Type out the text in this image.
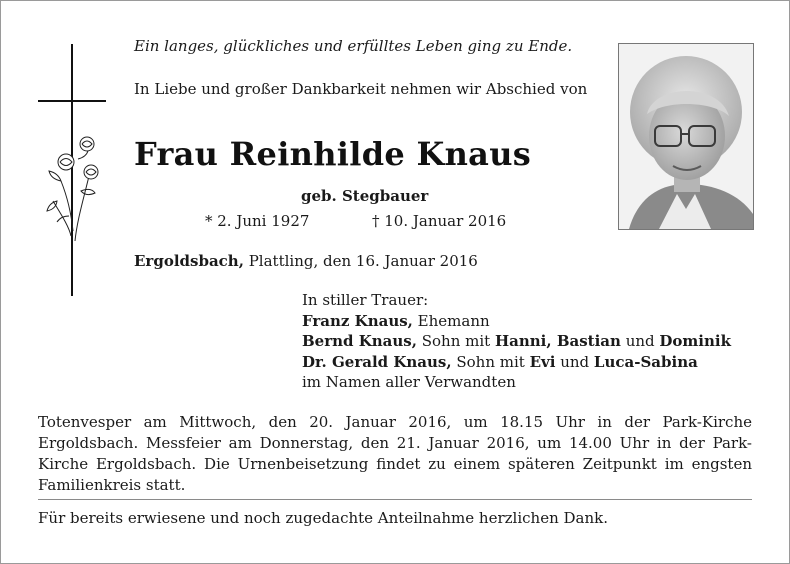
Ein langes, glückliches und erfülltes Leben ging zu Ende.
In Liebe und großer Dankbarkeit nehmen wir Abschied von
Frau Reinhilde Knaus
geb. Stegbauer
* 2. Juni 1927	† 10. Januar 2016
Ergoldsbach, Plattling, den 16. Januar 2016
In stiller Trauer:
Franz Knaus, Ehemann
Bernd Knaus, Sohn mit Hanni, Bastian und Dominik
Dr. Gerald Knaus, Sohn mit Evi und Luca-Sabina
im Namen aller Verwandten
Totenvesper am Mittwoch, den 20. Januar 2016, um 18.15 Uhr in der Park-Kirche Ergoldsbach. Messfeier am Donnerstag, den 21. Januar 2016, um 14.00 Uhr in der Park-Kirche Ergoldsbach. Die Urnenbeisetzung findet zu einem späteren Zeitpunkt im engsten Familienkreis statt.
Für bereits erwiesene und noch zugedachte Anteilnahme herzlichen Dank.
